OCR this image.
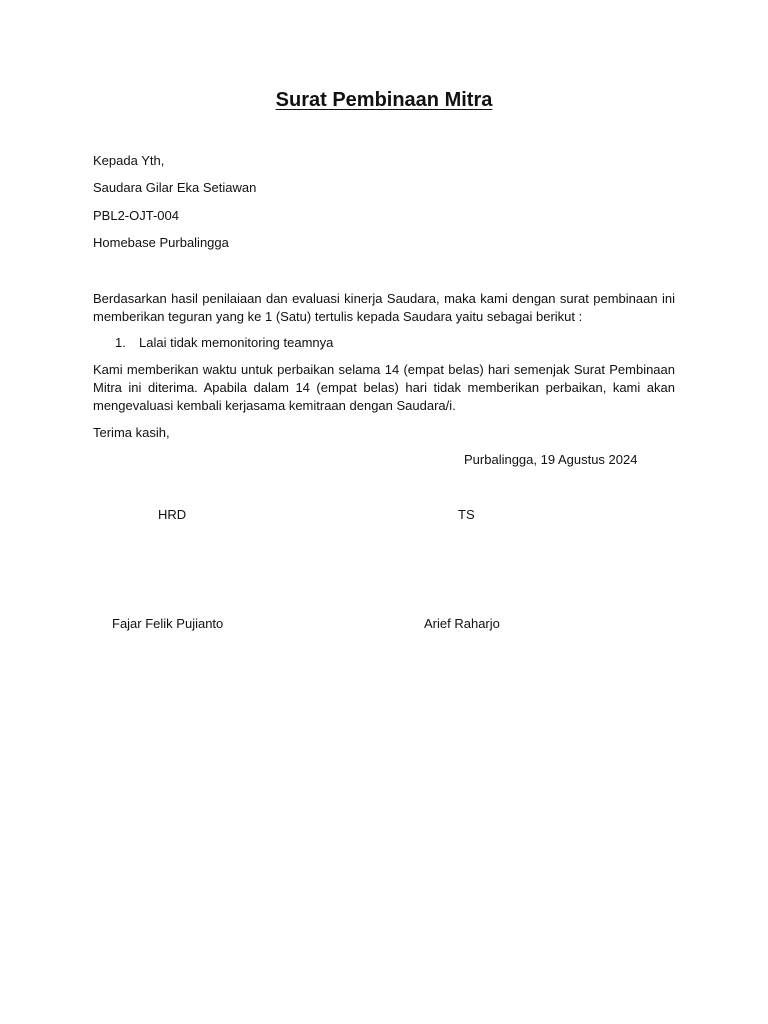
Surat Pembinaan Mitra
Kepada Yth,
Saudara Gilar Eka Setiawan
PBL2-OJT-004
Homebase Purbalingga
Berdasarkan hasil penilaiaan dan evaluasi kinerja Saudara, maka kami dengan surat pembinaan ini memberikan teguran yang ke 1 (Satu) tertulis kepada Saudara yaitu sebagai berikut :
1. Lalai tidak memonitoring teamnya
Kami memberikan waktu untuk perbaikan selama 14 (empat belas) hari semenjak Surat Pembinaan Mitra ini diterima. Apabila dalam 14 (empat belas) hari tidak memberikan perbaikan, kami akan mengevaluasi kembali kerjasama kemitraan dengan Saudara/i.
Terima kasih,
Purbalingga, 19 Agustus 2024
HRD	TS
Fajar Felik Pujianto	Arief Raharjo
